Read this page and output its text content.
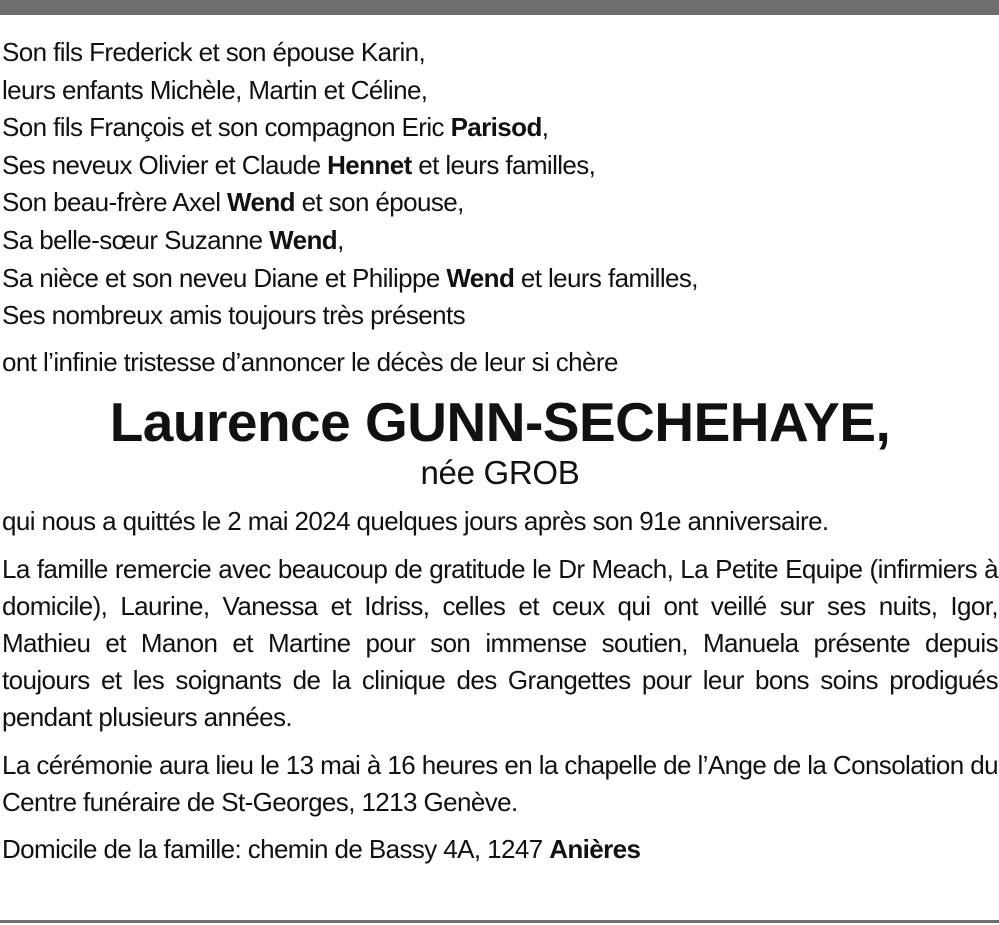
Son fils Frederick et son épouse Karin,
leurs enfants Michèle, Martin et Céline,
Son fils François et son compagnon Eric Parisod,
Ses neveux Olivier et Claude Hennet et leurs familles,
Son beau-frère Axel Wend et son épouse,
Sa belle-sœur Suzanne Wend,
Sa nièce et son neveu Diane et Philippe Wend et leurs familles,
Ses nombreux amis toujours très présents
ont l’infinie tristesse d’annoncer le décès de leur si chère
Laurence GUNN-SECHEHAYE,
née GROB
qui nous a quittés le 2 mai 2024 quelques jours après son 91e anniversaire.
La famille remercie avec beaucoup de gratitude le Dr Meach, La Petite Equipe (infirmiers à domicile), Laurine, Vanessa et Idriss, celles et ceux qui ont veillé sur ses nuits, Igor, Mathieu et Manon et Martine pour son immense soutien, Manuela présente depuis toujours et les soignants de la clinique des Grangettes pour leur bons soins prodigués pendant plusieurs années.
La cérémonie aura lieu le 13 mai à 16 heures en la chapelle de l’Ange de la Consolation du Centre funéraire de St-Georges, 1213 Genève.
Domicile de la famille: chemin de Bassy 4A, 1247 Anières
